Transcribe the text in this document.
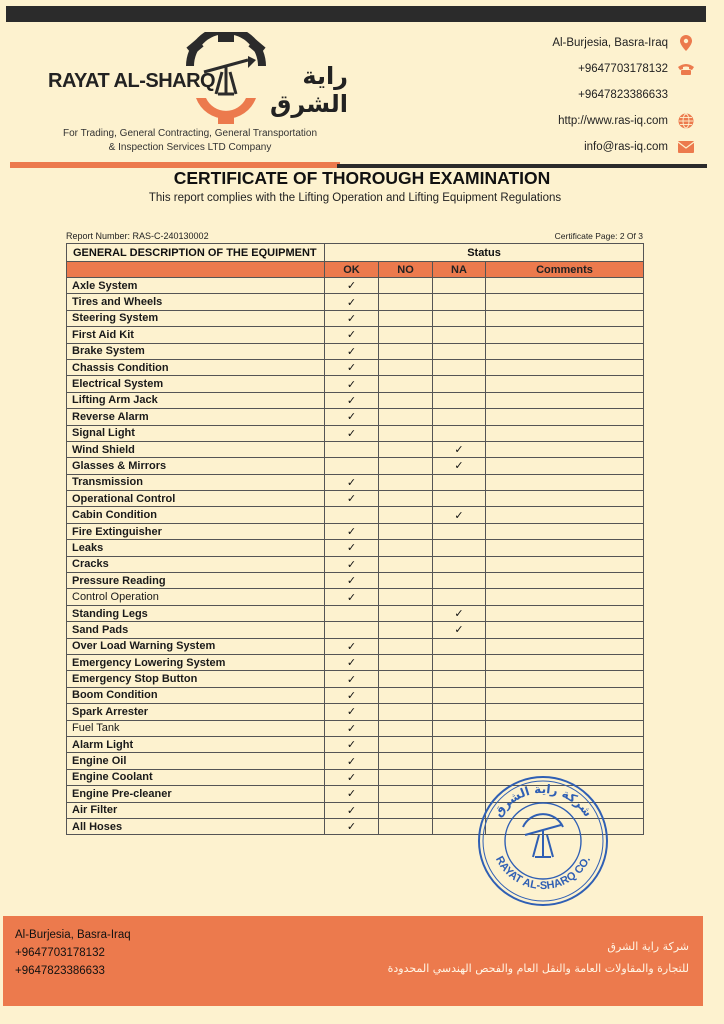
RAYAT AL-SHARQ	راية الشرق
For Trading, General Contracting, General Transportation
& Inspection Services LTD Company
Al-Burjesia, Basra-Iraq
+9647703178132
+9647823386633
http://www.ras-iq.com
info@ras-iq.com
CERTIFICATE OF THOROUGH EXAMINATION
This report complies with the Lifting Operation and Lifting Equipment Regulations
Report Number: RAS-C-240130002	Certificate Page: 2 Of 3
GENERAL DESCRIPTION OF THE EQUIPMENT	Status			
	OK	NO	NA	Comments
Axle System	✓			
Tires and Wheels	✓			
Steering System	✓			
First Aid Kit	✓			
Brake System	✓			
Chassis Condition	✓			
Electrical System	✓			
Lifting Arm Jack	✓			
Reverse Alarm	✓			
Signal Light	✓			
Wind Shield			✓	
Glasses & Mirrors			✓	
Transmission	✓			
Operational Control	✓			
Cabin Condition			✓	
Fire Extinguisher	✓			
Leaks	✓			
Cracks	✓			
Pressure Reading	✓			
Control Operation	✓			
Standing Legs			✓	
Sand Pads			✓	
Over Load Warning System	✓			
Emergency Lowering System	✓			
Emergency Stop Button	✓			
Boom Condition	✓			
Spark Arrester	✓			
Fuel Tank	✓			
Alarm Light	✓			
Engine Oil	✓			
Engine Coolant	✓			
Engine Pre-cleaner	✓			
Air Filter	✓			
All Hoses	✓			
شركة راية الشرق
RAYAT AL-SHARQ CO.
Al-Burjesia, Basra-Iraq
+9647703178132
+9647823386633
شركة راية الشرق
للتجارة والمقاولات العامة والنقل العام والفحص الهندسي المحدودة
